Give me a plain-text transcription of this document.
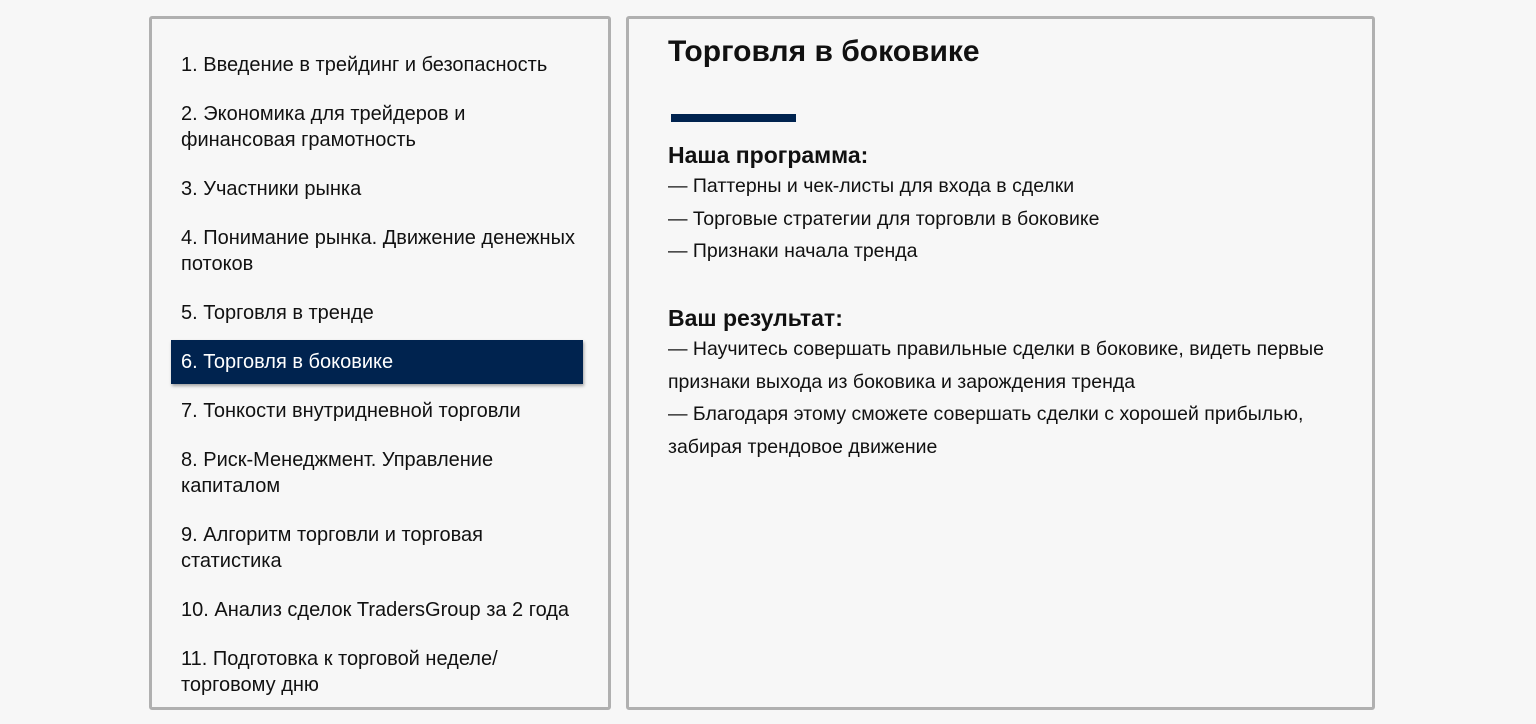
1. Введение в трейдинг и безопасность
2. Экономика для трейдеров и финансовая грамотность
3. Участники рынка
4. Понимание рынка. Движение денежных потоков
5. Торговля в тренде
6. Торговля в боковике
7. Тонкости внутридневной торговли
8. Риск-Менеджмент. Управление капиталом
9. Алгоритм торговли и торговая статистика
10. Анализ сделок TradersGroup за 2 года
11. Подготовка к торговой неделе/ торговому дню
Торговля в боковике

Наша программа:

— Паттерны и чек-листы для входа в сделки

— Торговые стратегии для торговли в боковике

— Признаки начала тренда

Ваш результат:

— Научитесь совершать правильные сделки в боковике, видеть первые признаки выхода из боковика и зарождения тренда

— Благодаря этому сможете совершать сделки с хорошей прибылью, забирая трендовое движение
